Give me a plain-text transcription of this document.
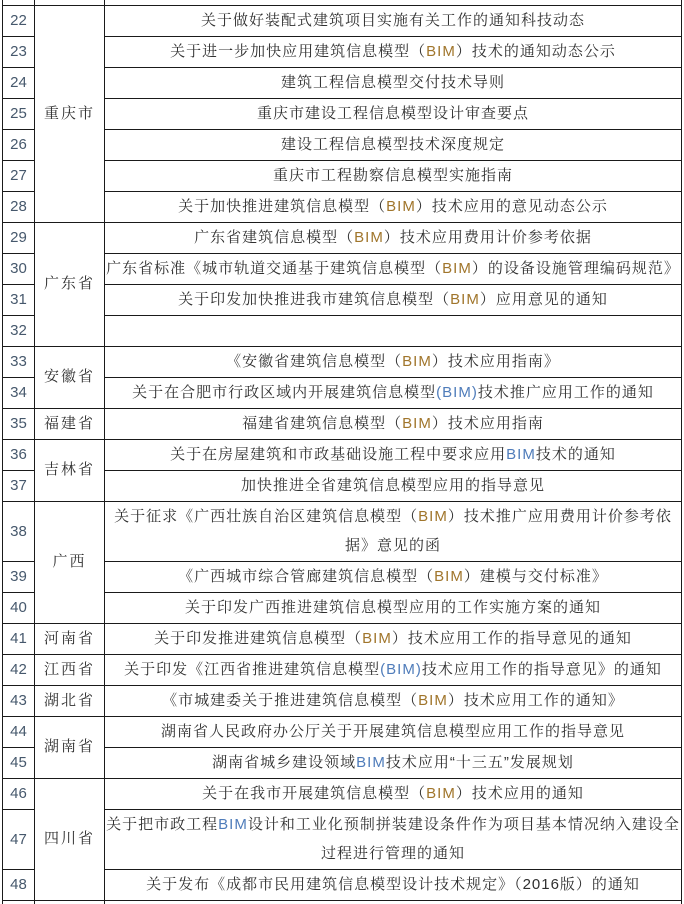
22	重庆市	关于做好装配式建筑项目实施有关工作的通知科技动态
23		关于进一步加快应用建筑信息模型（BIM）技术的通知动态公示
24		建筑工程信息模型交付技术导则
25		重庆市建设工程信息模型设计审查要点
26		建设工程信息模型技术深度规定
27		重庆市工程勘察信息模型实施指南
28		关于加快推进建筑信息模型（BIM）技术应用的意见动态公示
29	广东省	广东省建筑信息模型（BIM）技术应用费用计价参考依据
30		广东省标准《城市轨道交通基于建筑信息模型（BIM）的设备设施管理编码规范》
31		关于印发加快推进我市建筑信息模型（BIM）应用意见的通知
32		
33	安徽省	《安徽省建筑信息模型（BIM）技术应用指南》
34		关于在合肥市行政区域内开展建筑信息模型(BIM)技术推广应用工作的通知
35	福建省	福建省建筑信息模型（BIM）技术应用指南
36	吉林省	关于在房屋建筑和市政基础设施工程中要求应用BIM技术的通知
37		加快推进全省建筑信息模型应用的指导意见
38	广西	关于征求《广西壮族自治区建筑信息模型（BIM）技术推广应用费用计价参考依据》意见的函
39		《广西城市综合管廊建筑信息模型（BIM）建模与交付标准》
40		关于印发广西推进建筑信息模型应用的工作实施方案的通知
41	河南省	关于印发推进建筑信息模型（BIM）技术应用工作的指导意见的通知
42	江西省	关于印发《江西省推进建筑信息模型(BIM)技术应用工作的指导意见》的通知
43	湖北省	《市城建委关于推进建筑信息模型（BIM）技术应用工作的通知》
44	湖南省	湖南省人民政府办公厅关于开展建筑信息模型应用工作的指导意见
45		湖南省城乡建设领域BIM技术应用“十三五”发展规划
46	四川省	关于在我市开展建筑信息模型（BIM）技术应用的通知
47		关于把市政工程BIM设计和工业化预制拼装建设条件作为项目基本情况纳入建设全过程进行管理的通知
48		关于发布《成都市民用建筑信息模型设计技术规定》（2016版）的通知
